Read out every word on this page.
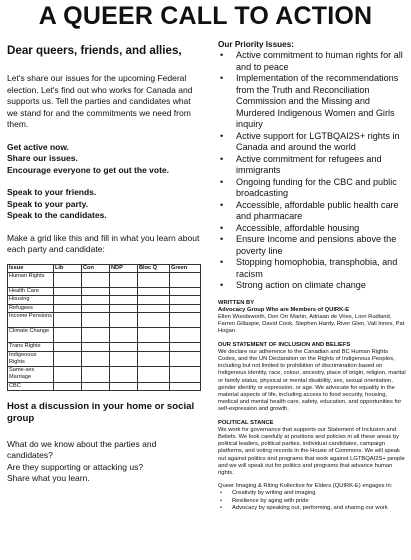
A QUEER CALL TO ACTION
Dear queers, friends, and allies,

Let's share our issues for the upcoming Federal election. Let's find out who works for Canada and supports us. Tell the parties and candidates what we stand for and the commitments we need from them.

Get active now.
Share our issues.
Encourage everyone to get out the vote.
Speak to your friends.
Speak to your party.
Speak to the candidates.

Make a grid like this and fill in what you learn about each party and candidate:

Issue	Lib	Con	NDP	Bloc Q	Green
Human Rights					
Health Care					
Housing					
Refugees					
Income Pensions					
Climate Change					
Trans Rights					
Indigenous Rights					
Same-sex Marriage					
CBC					
Host a discussion in your home or social group

What do we know about the parties and candidates?

Are they supporting or attacking us?

Share what you learn.

Our Priority Issues:
• Active commitment to human rights for all and to peace
• Implementation of the recommendations from the Truth and Reconciliation Commission and the Missing and Murdered Indigenous Women and Girls inquiry
• Active support for LGTBQAI2S+ rights in Canada and around the world
• Active commitment for refugees and immigrants
• Ongoing funding for the CBC and public broadcasting
• Accessible, affordable public health care and pharmacare
• Accessible, affordable housing
• Ensure Income and pensions above the poverty line
• Stopping homophobia, transphobia, and racism
• Strong action on climate change
WRITTEN BY
Advocacy Group Who are Members of QUIRK-E

Ellen Woodsworth, Don Orr Martin, Adriaan de Vries, Lorri Rudland, Farren Gillaspie, David Cook, Stephen Hardy, River Glen, Vall Innes, Pat Hogan

OUR STATEMENT OF INCLUSION AND BELIEFS

We declare our adherence to the Canadian and BC Human Rights Codes, and the UN Declaration on the Rights of Indigenous Peoples, including but not limited to prohibition of discrimination based on Indigenous identity, race, colour, ancestry, place of origin, religion, marital or family status, physical or mental disability, sex, sexual orientation, gender identity or expression, or age. We advocate for equality in the material aspects of life, including access to food security, housing, medical and mental health care, safety, education, and opportunities for self-expression and growth.

POLITICAL STANCE

We work for governance that supports our Statement of Inclusion and Beliefs. We look carefully at positions and policies in all these areas by political leaders, political parties, individual candidates, campaign platforms, and voting records in the House of Commons. We will speak out against politics and programs that work against LGTBQAI2S+ people and we will speak out for politics and programs that advance human rights.

Queer Imaging & Riting Kollective for Elders (QUIRK-E) engages in:

• Creativity by writing and imaging
• Resilience by aging with pride
• Advocacy by speaking out, performing, and sharing our work
